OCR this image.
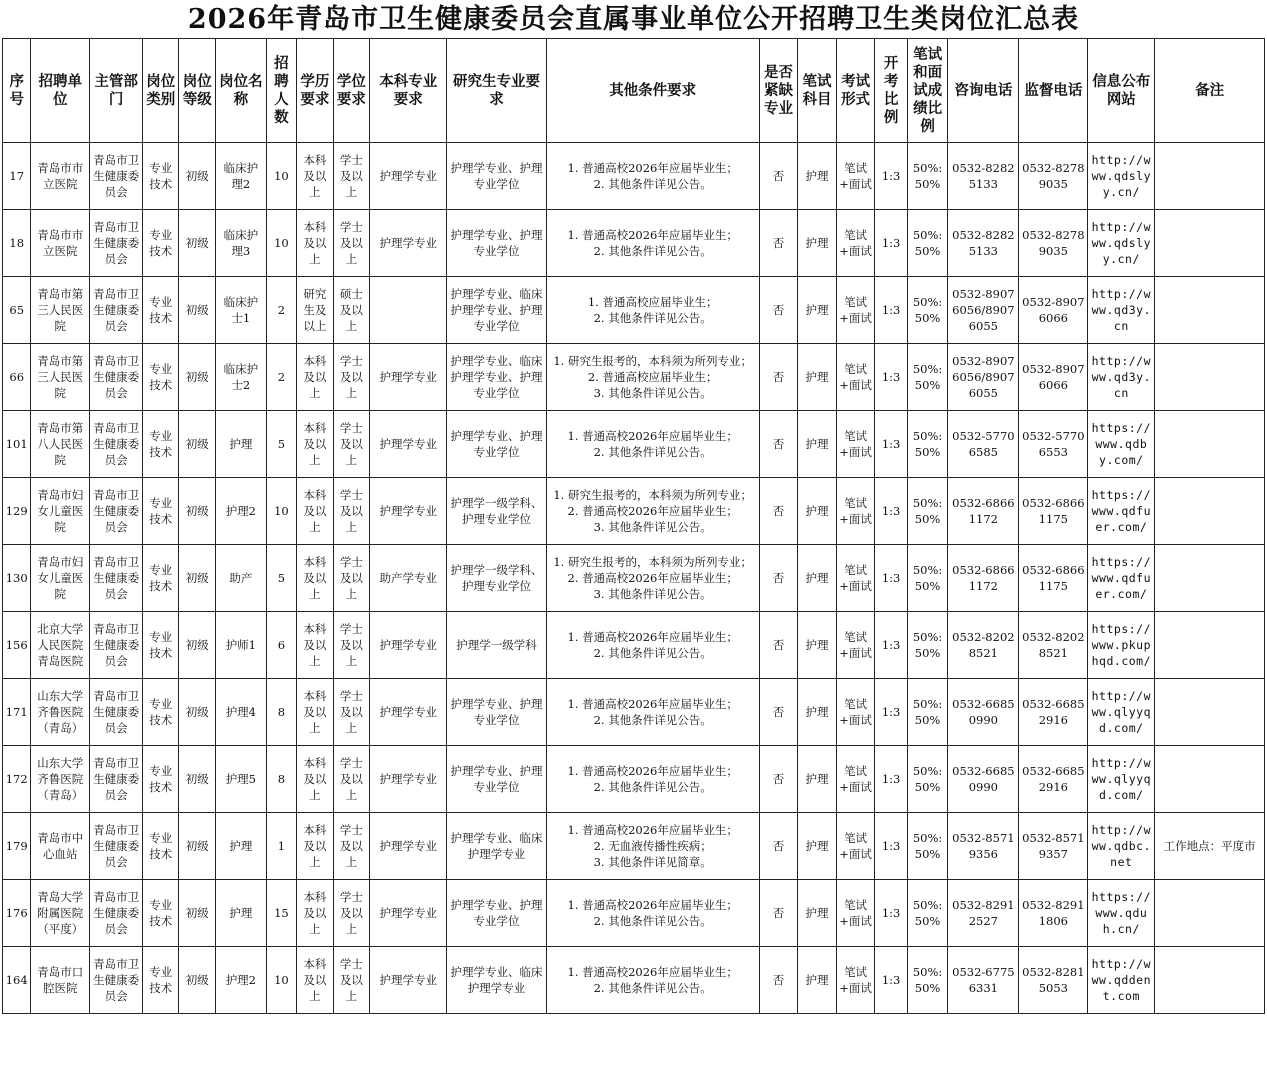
2026年青岛市卫生健康委员会直属事业单位公开招聘卫生类岗位汇总表
序号	招聘单位	主管部门	岗位类别	岗位等级	岗位名称	招聘人数	学历要求	学位要求	本科专业要求	研究生专业要求	其他条件要求	是否紧缺专业	笔试科目	考试形式	开考比例	笔试和面试成绩比例	咨询电话	监督电话	信息公布网站	备注
17	青岛市市立医院	青岛市卫生健康委员会	专业技术	初级	临床护理2	10	本科及以上	学士及以上	护理学专业	护理学专业、护理专业学位	1. 普通高校2026年应届毕业生；
2. 其他条件详见公告。	否	护理	笔试+面试	1:3	50%:50%	0532-82825133	0532-82789035	http://www.qdslyy.cn/	
18	青岛市市立医院	青岛市卫生健康委员会	专业技术	初级	临床护理3	10	本科及以上	学士及以上	护理学专业	护理学专业、护理专业学位	1. 普通高校2026年应届毕业生；
2. 其他条件详见公告。	否	护理	笔试+面试	1:3	50%:50%	0532-82825133	0532-82789035	http://www.qdslyy.cn/	
65	青岛市第三人民医院	青岛市卫生健康委员会	专业技术	初级	临床护士1	2	研究生及以上	硕士及以上		护理学专业、临床护理学专业、护理专业学位	1. 普通高校应届毕业生；
2. 其他条件详见公告。	否	护理	笔试+面试	1:3	50%:50%	0532-89076056/89076055	0532-89076066	http://www.qd3y.cn	
66	青岛市第三人民医院	青岛市卫生健康委员会	专业技术	初级	临床护士2	2	本科及以上	学士及以上	护理学专业	护理学专业、临床护理学专业、护理专业学位	1. 研究生报考的，本科须为所列专业；
2. 普通高校应届毕业生；
3. 其他条件详见公告。	否	护理	笔试+面试	1:3	50%:50%	0532-89076056/89076055	0532-89076066	http://www.qd3y.cn	
101	青岛市第八人民医院	青岛市卫生健康委员会	专业技术	初级	护理	5	本科及以上	学士及以上	护理学专业	护理学专业、护理专业学位	1. 普通高校2026年应届毕业生；
2. 其他条件详见公告。	否	护理	笔试+面试	1:3	50%:50%	0532-57706585	0532-57706553	https://www.qdby.com/	
129	青岛市妇女儿童医院	青岛市卫生健康委员会	专业技术	初级	护理2	10	本科及以上	学士及以上	护理学专业	护理学一级学科、护理专业学位	1. 研究生报考的，本科须为所列专业；
2. 普通高校2026年应届毕业生；
3. 其他条件详见公告。	否	护理	笔试+面试	1:3	50%:50%	0532-68661172	0532-68661175	https://www.qdfuer.com/	
130	青岛市妇女儿童医院	青岛市卫生健康委员会	专业技术	初级	助产	5	本科及以上	学士及以上	助产学专业	护理学一级学科、护理专业学位	1. 研究生报考的，本科须为所列专业；
2. 普通高校2026年应届毕业生；
3. 其他条件详见公告。	否	护理	笔试+面试	1:3	50%:50%	0532-68661172	0532-68661175	https://www.qdfuer.com/	
156	北京大学人民医院青岛医院	青岛市卫生健康委员会	专业技术	初级	护师1	6	本科及以上	学士及以上	护理学专业	护理学一级学科	1. 普通高校2026年应届毕业生；
2. 其他条件详见公告。	否	护理	笔试+面试	1:3	50%:50%	0532-82028521	0532-82028521	https://www.pkuphqd.com/	
171	山东大学齐鲁医院（青岛）	青岛市卫生健康委员会	专业技术	初级	护理4	8	本科及以上	学士及以上	护理学专业	护理学专业、护理专业学位	1. 普通高校2026年应届毕业生；
2. 其他条件详见公告。	否	护理	笔试+面试	1:3	50%:50%	0532-66850990	0532-66852916	http://www.qlyyqd.com/	
172	山东大学齐鲁医院（青岛）	青岛市卫生健康委员会	专业技术	初级	护理5	8	本科及以上	学士及以上	护理学专业	护理学专业、护理专业学位	1. 普通高校2026年应届毕业生；
2. 其他条件详见公告。	否	护理	笔试+面试	1:3	50%:50%	0532-66850990	0532-66852916	http://www.qlyyqd.com/	
179	青岛市中心血站	青岛市卫生健康委员会	专业技术	初级	护理	1	本科及以上	学士及以上	护理学专业	护理学专业、临床护理学专业	1. 普通高校2026年应届毕业生；
2. 无血液传播性疾病；
3. 其他条件详见简章。	否	护理	笔试+面试	1:3	50%:50%	0532-85719356	0532-85719357	http://www.qdbc.net	工作地点：平度市
176	青岛大学附属医院（平度）	青岛市卫生健康委员会	专业技术	初级	护理	15	本科及以上	学士及以上	护理学专业	护理学专业、护理专业学位	1. 普通高校2026年应届毕业生；
2. 其他条件详见公告。	否	护理	笔试+面试	1:3	50%:50%	0532-82912527	0532-82911806	https://www.qduh.cn/	
164	青岛市口腔医院	青岛市卫生健康委员会	专业技术	初级	护理2	10	本科及以上	学士及以上	护理学专业	护理学专业、临床护理学专业	1. 普通高校2026年应届毕业生；
2. 其他条件详见公告。	否	护理	笔试+面试	1:3	50%:50%	0532-67756331	0532-82815053	http://www.qddent.com	
